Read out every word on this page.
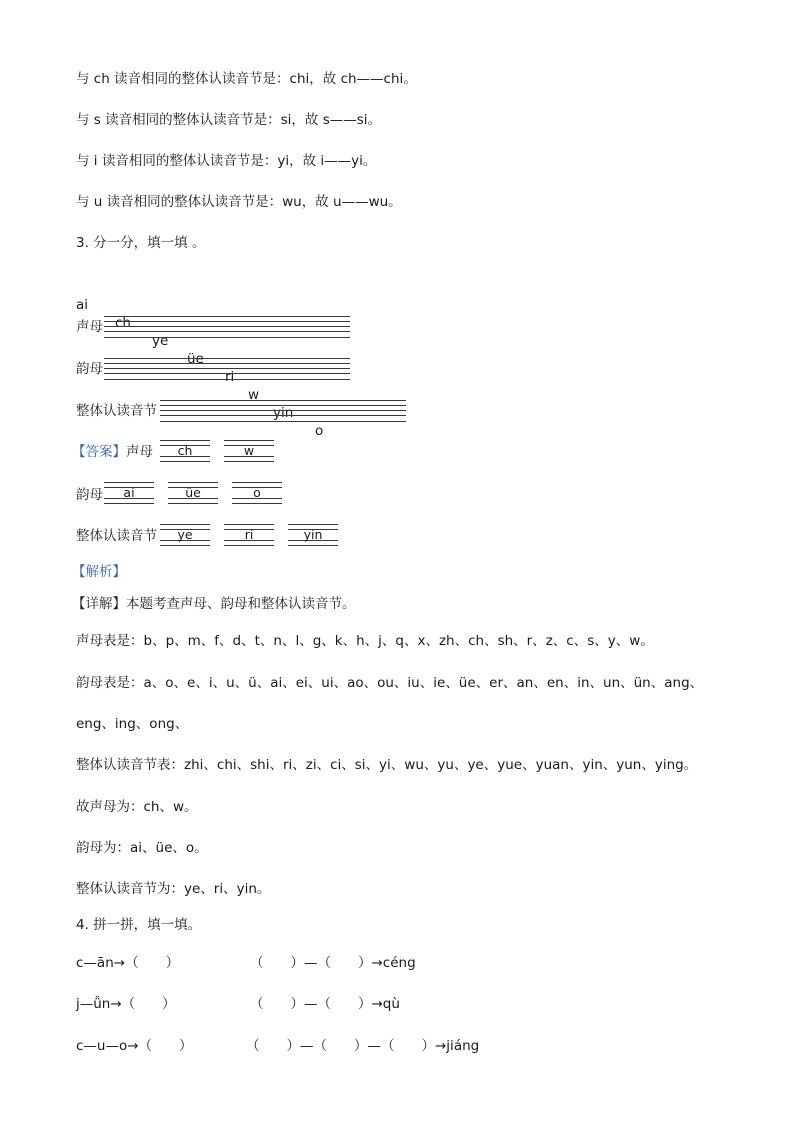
与 ch 读音相同的整体认读音节是：chi，故 ch——chi。
与 s 读音相同的整体认读音节是：si，故 s——si。
与 i 读音相同的整体认读音节是：yi，故 i——yi。
与 u 读音相同的整体认读音节是：wu，故 u——wu。
3. 分一分，填一填 。

ai

ch

ye

üe

ri

w

yin

o

声母
韵母
整体认读音节
【答案】声母	ch	w
韵母	ai	üe	o
整体认读音节	ye	ri	yin
【解析】
【详解】本题考查声母、韵母和整体认读音节。
声母表是：b、p、m、f、d、t、n、l、g、k、h、j、q、x、zh、ch、sh、r、z、c、s、y、w。
韵母表是：a、o、e、i、u、ü、ai、ei、ui、ao、ou、iu、ie、üe、er、an、en、in、un、ün、ang、
eng、ing、ong、
整体认读音节表：zhi、chi、shi、ri、zi、ci、si、yi、wu、yu、ye、yue、yuan、yin、yun、ying。
故声母为：ch、w。
韵母为：ai、üe、o。
整体认读音节为：ye、ri、yin。
4. 拼一拼，填一填。
c—ān→（　　）	（　　）—（　　）→céng
j—ǚn→（　　）	（　　）—（　　）→qù
c—u—o→（　　）	（　　）—（　　）—（　　）→jiáng
